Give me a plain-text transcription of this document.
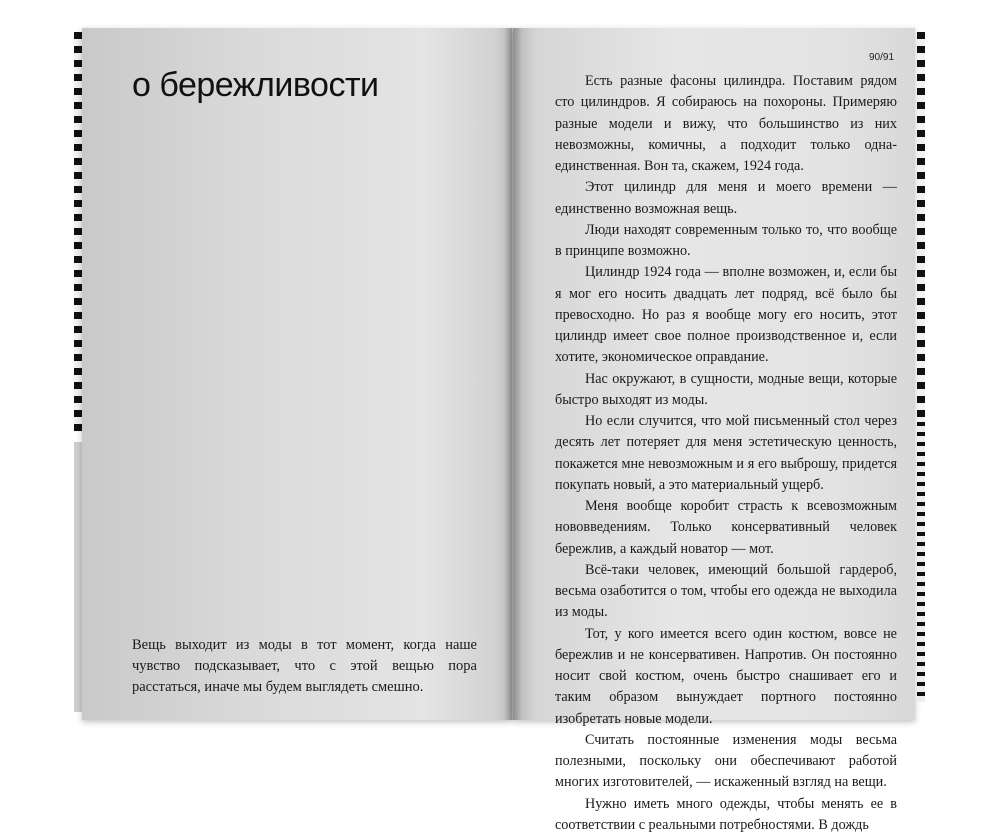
о бережливости

Вещь выходит из моды в тот момент, когда наше чувство подсказывает, что с этой вещью пора расстаться, иначе мы будем выглядеть смешно.

90/91

Есть разные фасоны цилиндра. Поставим рядом сто цилиндров. Я собираюсь на похороны. Примеряю разные модели и вижу, что большинство из них невозможны, комичны, а подходит только одна-единственная. Вон та, скажем, 1924 года.

Этот цилиндр для меня и моего времени — единственно возможная вещь.

Люди находят современным только то, что вообще в принципе возможно.

Цилиндр 1924 года — вполне возможен, и, если бы я мог его носить двадцать лет подряд, всё было бы превосходно. Но раз я вообще могу его носить, этот цилиндр имеет свое полное производственное и, если хотите, экономическое оправдание.

Нас окружают, в сущности, модные вещи, которые быстро выходят из моды.

Но если случится, что мой письменный стол через десять лет потеряет для меня эстетическую ценность, покажется мне невозможным и я его выброшу, придется покупать новый, а это материальный ущерб.

Меня вообще коробит страсть к всевозможным нововведениям. Только консервативный человек бережлив, а каждый новатор — мот.

Всё-таки человек, имеющий большой гардероб, весьма озаботится о том, чтобы его одежда не выходила из моды.

Тот, у кого имеется всего один костюм, вовсе не бережлив и не консервативен. Напротив. Он постоянно носит свой костюм, очень быстро снашивает его и таким образом вынуждает портного постоянно изобретать новые модели.

Считать постоянные изменения моды весьма полезными, поскольку они обеспечивают работой многих изготовителей, — искаженный взгляд на вещи.

Нужно иметь много одежды, чтобы менять ее в соответствии с реальными потребностями. В дождь
